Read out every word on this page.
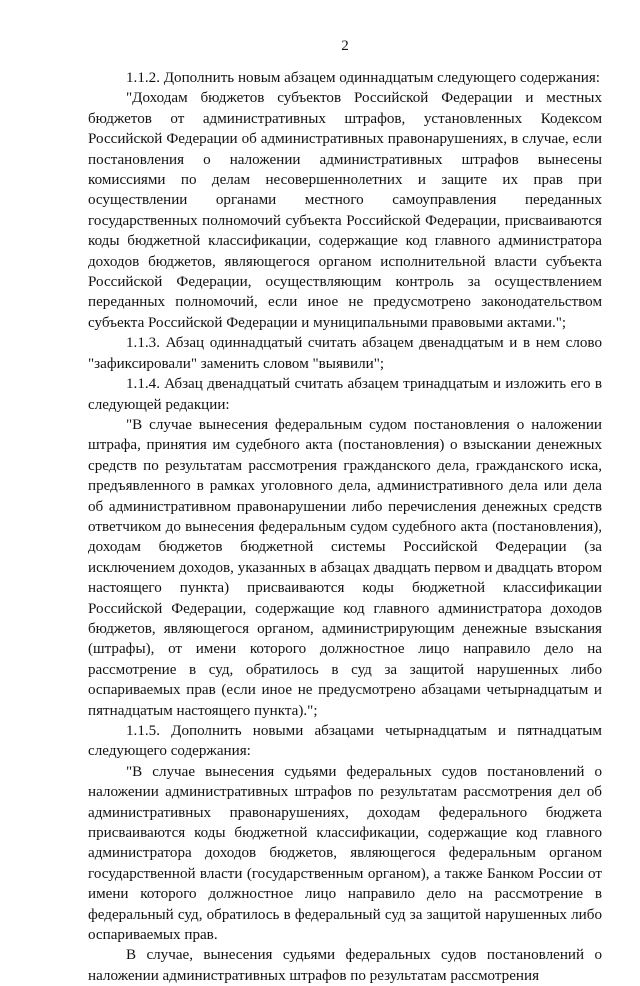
2

1.1.2. Дополнить новым абзацем одиннадцатым следующего содержания:

"Доходам бюджетов субъектов Российской Федерации и местных бюджетов от административных штрафов, установленных Кодексом Российской Федерации об административных правонарушениях, в случае, если постановления о наложении административных штрафов вынесены комиссиями по делам несовершеннолетних и защите их прав при осуществлении органами местного самоуправления переданных государственных полномочий субъекта Российской Федерации, присваиваются коды бюджетной классификации, содержащие код главного администратора доходов бюджетов, являющегося органом исполнительной власти субъекта Российской Федерации, осуществляющим контроль за осуществлением переданных полномочий, если иное не предусмотрено законодательством субъекта Российской Федерации и муниципальными правовыми актами.";

1.1.3. Абзац одиннадцатый считать абзацем двенадцатым и в нем слово "зафиксировали" заменить словом "выявили";

1.1.4. Абзац двенадцатый считать абзацем тринадцатым и изложить его в следующей редакции:

"В случае вынесения федеральным судом постановления о наложении штрафа, принятия им судебного акта (постановления) о взыскании денежных средств по результатам рассмотрения гражданского дела, гражданского иска, предъявленного в рамках уголовного дела, административного дела или дела об административном правонарушении либо перечисления денежных средств ответчиком до вынесения федеральным судом судебного акта (постановления), доходам бюджетов бюджетной системы Российской Федерации (за исключением доходов, указанных в абзацах двадцать первом и двадцать втором настоящего пункта) присваиваются коды бюджетной классификации Российской Федерации, содержащие код главного администратора доходов бюджетов, являющегося органом, администрирующим денежные взыскания (штрафы), от имени которого должностное лицо направило дело на рассмотрение в суд, обратилось в суд за защитой нарушенных либо оспариваемых прав (если иное не предусмотрено абзацами четырнадцатым и пятнадцатым настоящего пункта).";

1.1.5. Дополнить новыми абзацами четырнадцатым и пятнадцатым следующего содержания:

"В случае вынесения судьями федеральных судов постановлений о наложении административных штрафов по результатам рассмотрения дел об административных правонарушениях, доходам федерального бюджета присваиваются коды бюджетной классификации, содержащие код главного администратора доходов бюджетов, являющегося федеральным органом государственной власти (государственным органом), а также Банком России от имени которого должностное лицо направило дело на рассмотрение в федеральный суд, обратилось в федеральный суд за защитой нарушенных либо оспариваемых прав.

В случае, вынесения судьями федеральных судов постановлений о наложении административных штрафов по результатам рассмотрения
